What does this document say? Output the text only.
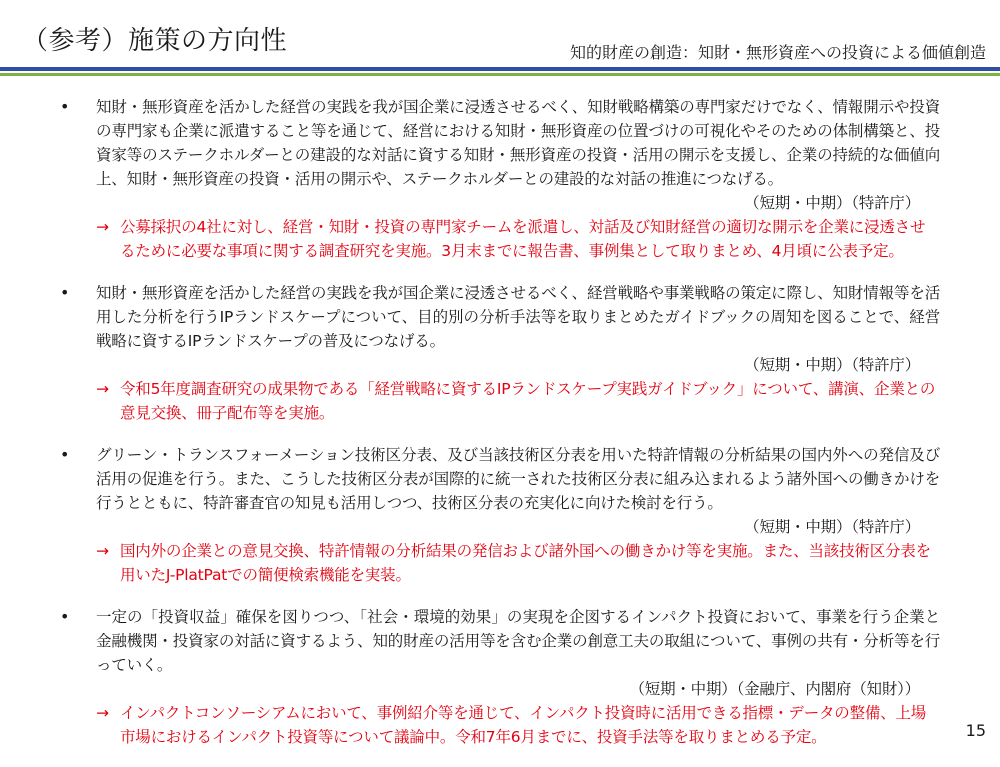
（参考）施策の方向性	知的財産の創造：知財・無形資産への投資による価値創造
• 知財・無形資産を活かした経営の実践を我が国企業に浸透させるべく、知財戦略構築の専門家だけでなく、情報開示や投資の専門家も企業に派遣すること等を通じて、経営における知財・無形資産の位置づけの可視化やそのための体制構築と、投資家等のステークホルダーとの建設的な対話に資する知財・無形資産の投資・活用の開示を支援し、企業の持続的な価値向上、知財・無形資産の投資・活用の開示や、ステークホルダーとの建設的な対話の推進につなげる。
（短期・中期）（特許庁）

→ 公募採択の4社に対し、経営・知財・投資の専門家チームを派遣し、対話及び知財経営の適切な開示を企業に浸透させるために必要な事項に関する調査研究を実施。3月末までに報告書、事例集として取りまとめ、4月頃に公表予定。

• 知財・無形資産を活かした経営の実践を我が国企業に浸透させるべく、経営戦略や事業戦略の策定に際し、知財情報等を活用した分析を行うIPランドスケープについて、目的別の分析手法等を取りまとめたガイドブックの周知を図ることで、経営戦略に資するIPランドスケープの普及につなげる。
（短期・中期）（特許庁）

→ 令和5年度調査研究の成果物である「経営戦略に資するIPランドスケープ実践ガイドブック」について、講演、企業との意見交換、冊子配布等を実施。

• グリーン・トランスフォーメーション技術区分表、及び当該技術区分表を用いた特許情報の分析結果の国内外への発信及び活用の促進を行う。また、こうした技術区分表が国際的に統一された技術区分表に組み込まれるよう諸外国への働きかけを行うとともに、特許審査官の知見も活用しつつ、技術区分表の充実化に向けた検討を行う。
（短期・中期）（特許庁）

→ 国内外の企業との意見交換、特許情報の分析結果の発信および諸外国への働きかけ等を実施。また、当該技術区分表を用いたJ-PlatPatでの簡便検索機能を実装。

• 一定の「投資収益」確保を図りつつ、「社会・環境的効果」の実現を企図するインパクト投資において、事業を行う企業と金融機関・投資家の対話に資するよう、知的財産の活用等を含む企業の創意工夫の取組について、事例の共有・分析等を行っていく。
（短期・中期）（金融庁、内閣府（知財））

→ インパクトコンソーシアムにおいて、事例紹介等を通じて、インパクト投資時に活用できる指標・データの整備、上場市場におけるインパクト投資等について議論中。令和7年6月までに、投資手法等を取りまとめる予定。	15
